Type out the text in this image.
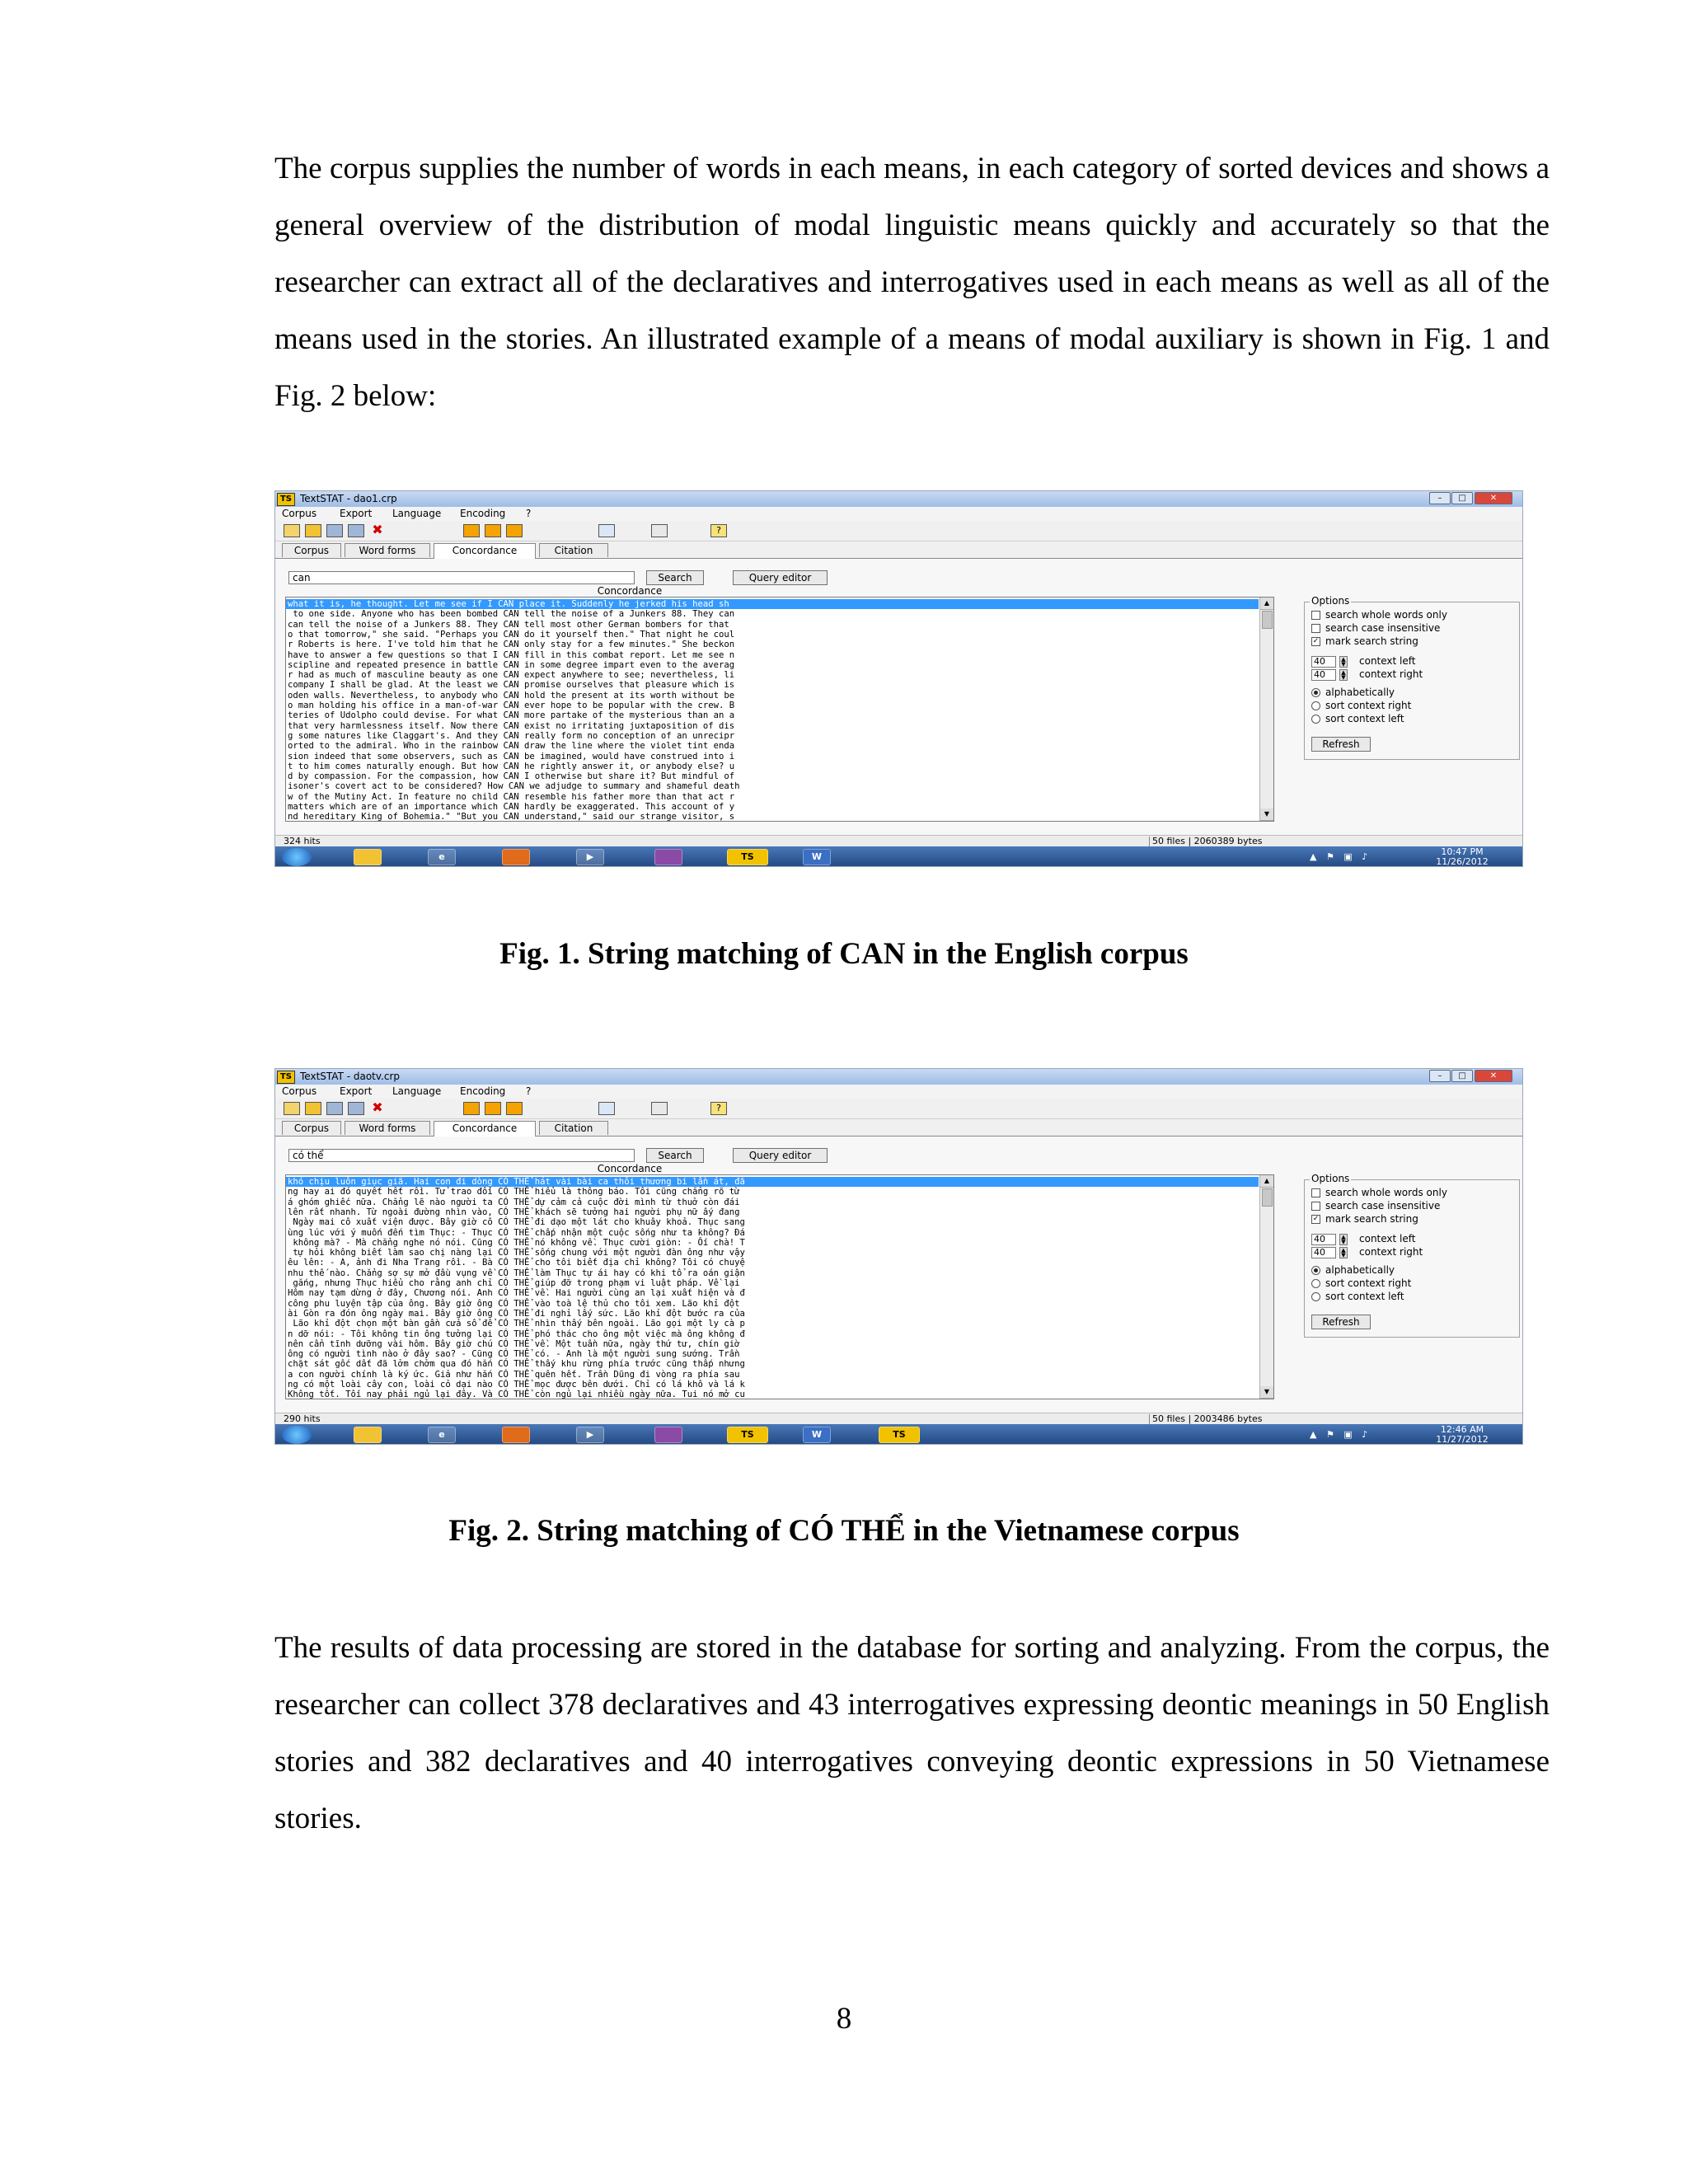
The corpus supplies the number of words in each means, in each category of sorted devices and shows a general overview of the distribution of modal linguistic means quickly and accurately so that the researcher can extract all of the declaratives and interrogatives used in each means as well as all of the means used in the stories. An illustrated example of a means of modal auxiliary is shown in Fig. 1 and Fig. 2 below:

TS TextSTAT - dao1.crp	–	□	✕
Corpus Export Language Encoding ?
✖	?
Corpus	Word forms	Concordance	Citation
can	Search	Query editor
Concordance
what it is, he thought. Let me see if I CAN place it. Suddenly he jerked his head sh
to one side. Anyone who has been bombed CAN tell the noise of a Junkers 88. They can
can tell the noise of a Junkers 88. They CAN tell most other German bombers for that
o that tomorrow," she said. "Perhaps you CAN do it yourself then." That night he coul
r Roberts is here. I've told him that he CAN only stay for a few minutes." She beckon
have to answer a few questions so that I CAN fill in this combat report. Let me see n
scipline and repeated presence in battle CAN in some degree impart even to the averag
r had as much of masculine beauty as one CAN expect anywhere to see; nevertheless, li
company I shall be glad. At the least we CAN promise ourselves that pleasure which is
oden walls. Nevertheless, to anybody who CAN hold the present at its worth without be
o man holding his office in a man-of-war CAN ever hope to be popular with the crew. B
teries of Udolpho could devise. For what CAN more partake of the mysterious than an a
that very harmlessness itself. Now there CAN exist no irritating juxtaposition of dis
g some natures like Claggart's. And they CAN really form no conception of an unrecipr
orted to the admiral. Who in the rainbow CAN draw the line where the violet tint enda
sion indeed that some observers, such as CAN be imagined, would have construed into i
t to him comes naturally enough. But how CAN he rightly answer it, or anybody else? u
d by compassion. For the compassion, how CAN I otherwise but share it? But mindful of
isoner's covert act to be considered? How CAN we adjudge to summary and shameful death
w of the Mutiny Act. In feature no child CAN resemble his father more than that act r
matters which are of an importance which CAN hardly be exaggerated. This account of y
nd hereditary King of Bohemia." "But you CAN understand," said our strange visitor, s
▲
▼
Options
search whole words only
search case insensitive
✓ mark search string
40	▲
▼ context left
40	▲
▼ context right
alphabetically
sort context right
sort context left
Refresh
324 hits	50 files | 2060389 bytes
e	▶	TS	W	▲ ⚑ ▣ ♪	10:47 PM
11/26/2012

Fig. 1. String matching of CAN in the English corpus

TS TextSTAT - daotv.crp	–	□	✕
Corpus Export Language Encoding ?
✖	?
Corpus	Word forms	Concordance	Citation
có thể	Search	Query editor
Concordance
khó chịu luôn giục giã. Hai con đi dòng CÓ THỂ hát vài bài ca thôi thương bi lần át, đã
ng hay ai đó quyết hết rồi. Tử trao đổi CÓ THỂ hiểu là thông báo. Tôi cũng chẳng rõ từ
á ghóm ghiếc nữa. Chẳng lẽ nào người ta CÓ THỂ dự cảm cả cuộc đời mình từ thuở còn đái
lên rất nhanh. Từ ngoài đường nhìn vào, CÓ THỂ khách sẽ tưởng hai người phụ nữ ấy đang
Ngày mai cô xuất viện được. Bây giờ cô CÓ THỂ đi dạo một lát cho khuây khoả. Thục sang
ùng lúc với ý muốn đến tìm Thục: - Thục CÓ THỂ chấp nhận một cuộc sống như ta không? Đá
không mà? - Mà chẳng nghe nó nói. Cũng CÓ THỂ nó không về. Thục cười giòn: - Ối chà! T
tự hỏi không biết làm sao chị nàng lại CÓ THỂ sống chung với một người đàn ông như vậy
êu lên: - A, ảnh đi Nha Trang rồi. - Bà CÓ THỂ cho tôi biết địa chỉ không? Tôi có chuyệ
nhu thế nào. Chẳng sợ sự mở đầu vụng về CÓ THỂ làm Thục tự ái hay có khi tổ ra oán giận
gắng, nhưng Thục hiểu cho rằng anh chỉ CÓ THỂ giúp đỡ trong phạm vi luật pháp. Về lại
Hôm nay tạm dừng ở đây, Chương nói. Anh CÓ THỂ về. Hai người cùng an lại xuất hiện và đ
công phu luyện tập của ông. Bây giờ ông CÓ THỂ vào toà lệ thủ cho tôi xem. Lão khỉ đột
ài Gòn ra đón ông ngày mai. Bây giờ ông CÓ THỂ đi nghỉ lấy sức. Lão khỉ đột bước ra của
Lão khỉ đột chọn một bàn gần cửa sổ để CÓ THỂ nhìn thấy bên ngoài. Lão gọi một ly cà p
n dỡ nói: - Tôi không tin ông tưởng lại CÓ THỂ phó thác cho ông một việc mà ông không đ
nên cẩn tĩnh dưỡng vài hôm. Bây giờ chú CÓ THỂ về. Một tuần nữa, ngày thứ tư, chín giờ
ông có người tình nào ở đây sao? - Cũng CÓ THỂ có. - Anh là một người sung sướng. Trần
chặt sát gốc dất đã lởm chởm qua đó hắn CÓ THỂ thấy khu rừng phía trước cũng thấp nhưng
a con người chính là ký ức. Giả như hắn CÓ THỂ quên hết. Trần Dũng đi vòng ra phía sau
ng có một loài cây con, loài cỏ dại nào CÓ THỂ mọc được bên dưới. Chỉ có lá khô và lá k
Không tốt. Tối nay phải ngủ lại đây. Và CÓ THỂ còn ngủ lại nhiều ngày nữa. Tui nó mở cu
▲
▼
Options
search whole words only
search case insensitive
✓ mark search string
40	▲
▼ context left
40	▲
▼ context right
alphabetically
sort context right
sort context left
Refresh
290 hits	50 files | 2003486 bytes
e	▶	TS	W	TS	▲ ⚑ ▣ ♪	12:46 AM
11/27/2012

Fig. 2. String matching of CÓ THỂ in the Vietnamese corpus

The results of data processing are stored in the database for sorting and analyzing. From the corpus, the researcher can collect 378 declaratives and 43 interrogatives expressing deontic meanings in 50 English stories and 382 declaratives and 40 interrogatives conveying deontic expressions in 50 Vietnamese stories.

8
